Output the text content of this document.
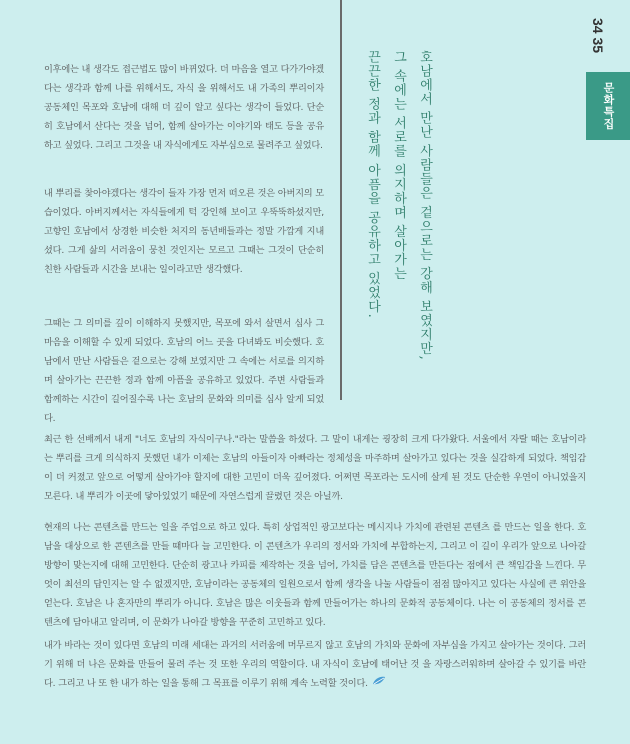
이후에는 내 생각도 접근법도 많이 바뀌었다. 더 마음을 열고 다가가야겠다는 생각과 함께 나를 위해서도, 자식 을 위해서도 내 가족의 뿌리이자 공동체인 목포와 호남에 대해 더 깊이 알고 싶다는 생각이 들었다. 단순히 호남에서 산다는 것을 넘어, 함께 살아가는 이야기와 태도 등을 공유하고 싶었다. 그리고 그것을 내 자식에게도 자부심으로 물려주고 싶었다.

내 뿌리를 찾아야겠다는 생각이 들자 가장 먼저 떠오른 것은 아버지의 모습이었다. 아버지께서는 자식들에게 턱 강인해 보이고 우뚝뚝하셨지만, 고향인 호남에서 상경한 비슷한 처지의 동년배들과는 정말 가깝게 지내셨다. 그게 삶의 서러움이 뭉친 것인지는 모르고 그때는 그것이 단순히 친한 사람들과 시간을 보내는 일이라고만 생각했다.

그때는 그 의미를 깊이 이해하지 못했지만, 목포에 와서 살면서 심사 그 마음을 이해할 수 있게 되었다. 호남의 어느 곳을 다녀봐도 비슷했다. 호남에서 만난 사람들은 겉으로는 강해 보였지만 그 속에는 서로를 의지하며 살아가는 끈끈한 정과 함께 아픔을 공유하고 있었다. 주변 사람들과 함께하는 시간이 길어질수록 나는 호남의 문화와 의미를 심사 알게 되었다.

호남에서 만난 사람들은 겉으로는 강해 보였지만,

그 속에는 서로를 의지하며 살아가는

끈끈한 정과 함께 아픔을 공유하고 있었다.

34 35
문화특집

최근 한 선배께서 내게 "너도 호남의 자식이구나."라는 말씀을 하셨다. 그 말이 내게는 굉장히 크게 다가왔다. 서울에서 자랄 때는 호남이라는 뿌리를 크게 의식하지 못했던 내가 이제는 호남의 아들이자 아빠라는 정체성을 마주하며 살아가고 있다는 것을 실감하게 되었다. 책임감이 더 커졌고 앞으로 어떻게 살아가야 할지에 대한 고민이 더욱 깊어졌다. 어쩌면 목포라는 도시에 살게 된 것도 단순한 우연이 아니었을지 모른다. 내 뿌리가 이곳에 닿아있었기 때문에 자연스럽게 끌렸던 것은 아닐까.

현재의 나는 콘텐츠를 만드는 일을 주업으로 하고 있다. 특히 상업적인 광고보다는 메시지나 가치에 관련된 콘텐츠 를 만드는 일을 한다. 호남을 대상으로 한 콘텐츠를 만들 때마다 늘 고민한다. 이 콘텐츠가 우리의 정서와 가치에 부합하는지, 그리고 이 길이 우리가 앞으로 나아갈 방향이 맞는지에 대해 고민한다. 단순히 광고나 카피를 제작하는 것을 넘어, 가치를 담은 콘텐츠를 만든다는 점에서 큰 책임감을 느낀다. 무엇이 최선의 답인지는 알 수 없겠지만, 호남이라는 공동체의 일원으로서 함께 생각을 나눌 사람들이 점점 많아지고 있다는 사실에 큰 위안을 얻는다. 호남은 나 혼자만의 뿌리가 아니다. 호남은 많은 이웃들과 함께 만들어가는 하나의 문화적 공동체이다. 나는 이 공동체의 정서를 콘텐츠에 담아내고 알리며, 이 문화가 나아갈 방향을 꾸준히 고민하고 있다.

내가 바라는 것이 있다면 호남의 미래 세대는 과거의 서러움에 머무르지 않고 호남의 가치와 문화에 자부심을 가지고 살아가는 것이다. 그러기 위해 더 나은 문화를 만들어 물려 주는 것 또한 우리의 역할이다. 내 자식이 호남에 태어난 것 을 자랑스러워하며 살아갈 수 있기를 바란다. 그리고 나 또 한 내가 하는 일을 통해 그 목표를 이루기 위해 계속 노력할 것이다.
